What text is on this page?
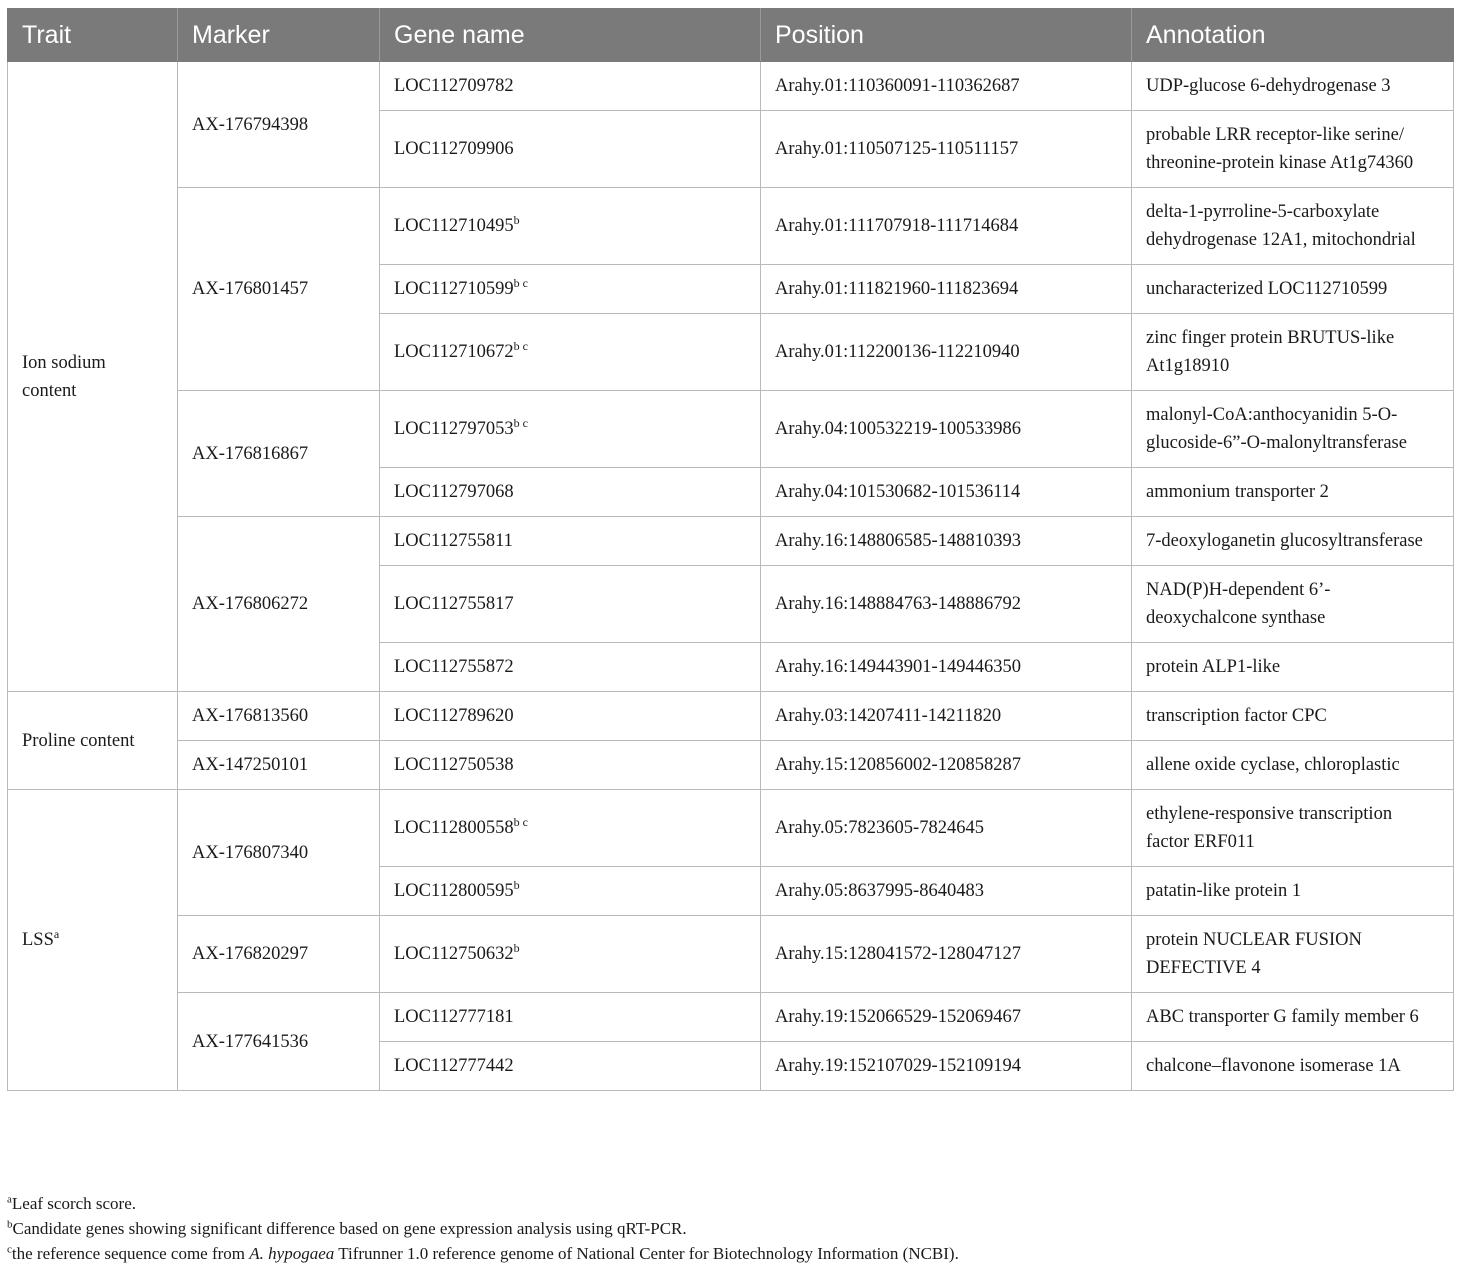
Trait	Marker	Gene name	Position	Annotation
Ion sodium content	AX-176794398	LOC112709782	Arahy.01:110360091-110362687	UDP-glucose 6-dehydrogenase 3
		LOC112709906	Arahy.01:110507125-110511157	probable LRR receptor-like serine/ threonine-protein kinase At1g74360
	AX-176801457	LOC112710495$^b$	Arahy.01:111707918-111714684	delta-1-pyrroline-5-carboxylate dehydrogenase 12A1, mitochondrial
		$LOC112710599^{b c}$	Arahy.01:111821960-111823694	uncharacterized LOC112710599
		$LOC112710672^{b c}$	Arahy.01:112200136-112210940	zinc finger protein BRUTUS-like At1g18910
	AX-176816867	$LOC112797053^{b c}$	Arahy.04:100532219-100533986	malonyl-CoA:anthocyanidin 5-O-glucoside-6”-O-malonyltransferase
		LOC112797068	Arahy.04:101530682-101536114	ammonium transporter 2
	AX-176806272	LOC112755811	Arahy.16:148806585-148810393	7-deoxyloganetin glucosyltransferase
		LOC112755817	Arahy.16:148884763-148886792	NAD(P)H-dependent 6’-deoxychalcone synthase
		LOC112755872	Arahy.16:149443901-149446350	protein ALP1-like
Proline content	AX-176813560	LOC112789620	Arahy.03:14207411-14211820	transcription factor CPC
	AX-147250101	LOC112750538	Arahy.15:120856002-120858287	allene oxide cyclase, chloroplastic
LSS$^a$	AX-176807340	$LOC112800558^{b c}$	Arahy.05:7823605-7824645	ethylene-responsive transcription factor ERF011
		LOC112800595$^b$	Arahy.05:8637995-8640483	patatin-like protein 1
	AX-176820297	LOC112750632$^b$	Arahy.15:128041572-128047127	protein NUCLEAR FUSION DEFECTIVE 4
	AX-177641536	LOC112777181	Arahy.19:152066529-152069467	ABC transporter G family member 6
		LOC112777442	Arahy.19:152107029-152109194	chalcone–flavonone isomerase 1A
$^a$Leaf scorch score.
$^b$Candidate genes showing significant difference based on gene expression analysis using qRT-PCR.
$^c$the reference sequence come from A. hypogaea Tifrunner 1.0 reference genome of National Center for Biotechnology Information (NCBI).
